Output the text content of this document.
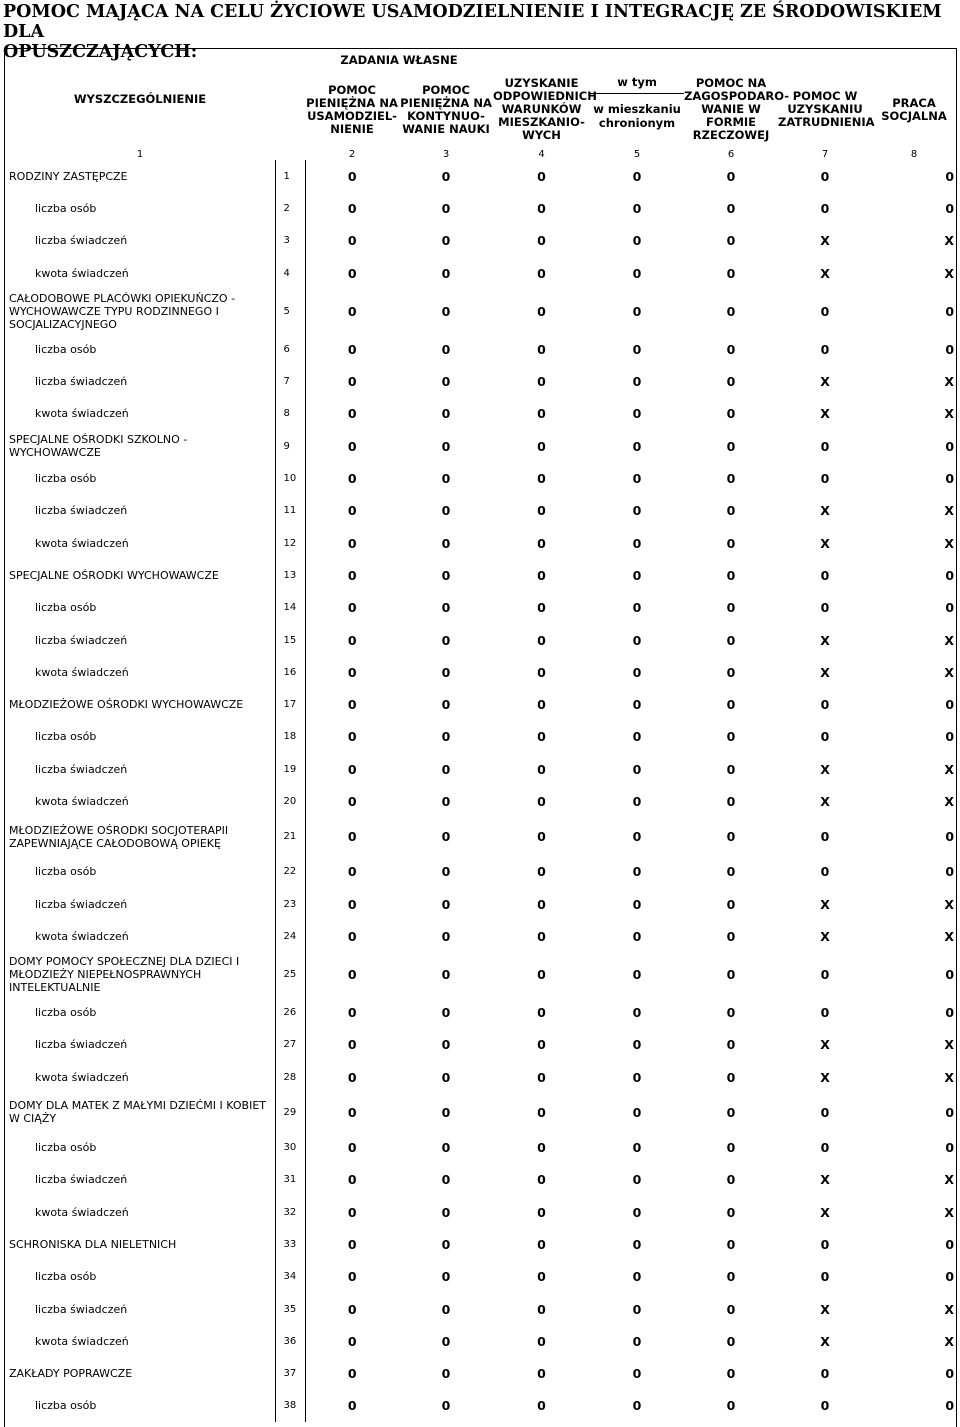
POMOC MAJĄCA NA CELU ŻYCIOWE USAMODZIELNIENIE I INTEGRACJĘ ZE ŚRODOWISKIEM DLA
OPUSZCZAJĄCYCH:
WYSZCZEGÓLNIENIE		ZADANIA WŁASNE						
		POMOC PIENIĘŻNA NA USAMODZIEL-NIENIE	POMOC PIENIĘŻNA NA KONTYNUO-WANIE NAUKI	UZYSKANIE ODPOWIEDNICH WARUNKÓW MIESZKANIO-WYCH	w tym
w mieszkaniu chronionym	POMOC NA ZAGOSPODARO-WANIE W FORMIE RZECZOWEJ	POMOC W UZYSKANIU ZATRUDNIENIA	PRACA SOCJALNA
1		2	3	4	5	6	7	8
RODZINY ZASTĘPCZE	1	0	0	0	0	0	0	0
liczba osób	2	0	0	0	0	0	0	0
liczba świadczeń	3	0	0	0	0	0	X	X
kwota świadczeń	4	0	0	0	0	0	X	X
CAŁODOBOWE PLACÓWKI OPIEKUŃCZO - WYCHOWAWCZE TYPU RODZINNEGO I SOCJALIZACYJNEGO	5	0	0	0	0	0	0	0
liczba osób	6	0	0	0	0	0	0	0
liczba świadczeń	7	0	0	0	0	0	X	X
kwota świadczeń	8	0	0	0	0	0	X	X
SPECJALNE OŚRODKI SZKOLNO - WYCHOWAWCZE	9	0	0	0	0	0	0	0
liczba osób	10	0	0	0	0	0	0	0
liczba świadczeń	11	0	0	0	0	0	X	X
kwota świadczeń	12	0	0	0	0	0	X	X
SPECJALNE OŚRODKI WYCHOWAWCZE	13	0	0	0	0	0	0	0
liczba osób	14	0	0	0	0	0	0	0
liczba świadczeń	15	0	0	0	0	0	X	X
kwota świadczeń	16	0	0	0	0	0	X	X
MŁODZIEŻOWE OŚRODKI WYCHOWAWCZE	17	0	0	0	0	0	0	0
liczba osób	18	0	0	0	0	0	0	0
liczba świadczeń	19	0	0	0	0	0	X	X
kwota świadczeń	20	0	0	0	0	0	X	X
MŁODZIEŻOWE OŚRODKI SOCJOTERAPII ZAPEWNIAJĄCE CAŁODOBOWĄ OPIEKĘ	21	0	0	0	0	0	0	0
liczba osób	22	0	0	0	0	0	0	0
liczba świadczeń	23	0	0	0	0	0	X	X
kwota świadczeń	24	0	0	0	0	0	X	X
DOMY POMOCY SPOŁECZNEJ DLA DZIECI I MŁODZIEŻY NIEPEŁNOSPRAWNYCH INTELEKTUALNIE	25	0	0	0	0	0	0	0
liczba osób	26	0	0	0	0	0	0	0
liczba świadczeń	27	0	0	0	0	0	X	X
kwota świadczeń	28	0	0	0	0	0	X	X
DOMY DLA MATEK Z MAŁYMI DZIEĆMI I KOBIET W CIĄŻY	29	0	0	0	0	0	0	0
liczba osób	30	0	0	0	0	0	0	0
liczba świadczeń	31	0	0	0	0	0	X	X
kwota świadczeń	32	0	0	0	0	0	X	X
SCHRONISKA DLA NIELETNICH	33	0	0	0	0	0	0	0
liczba osób	34	0	0	0	0	0	0	0
liczba świadczeń	35	0	0	0	0	0	X	X
kwota świadczeń	36	0	0	0	0	0	X	X
ZAKŁADY POPRAWCZE	37	0	0	0	0	0	0	0
liczba osób	38	0	0	0	0	0	0	0
